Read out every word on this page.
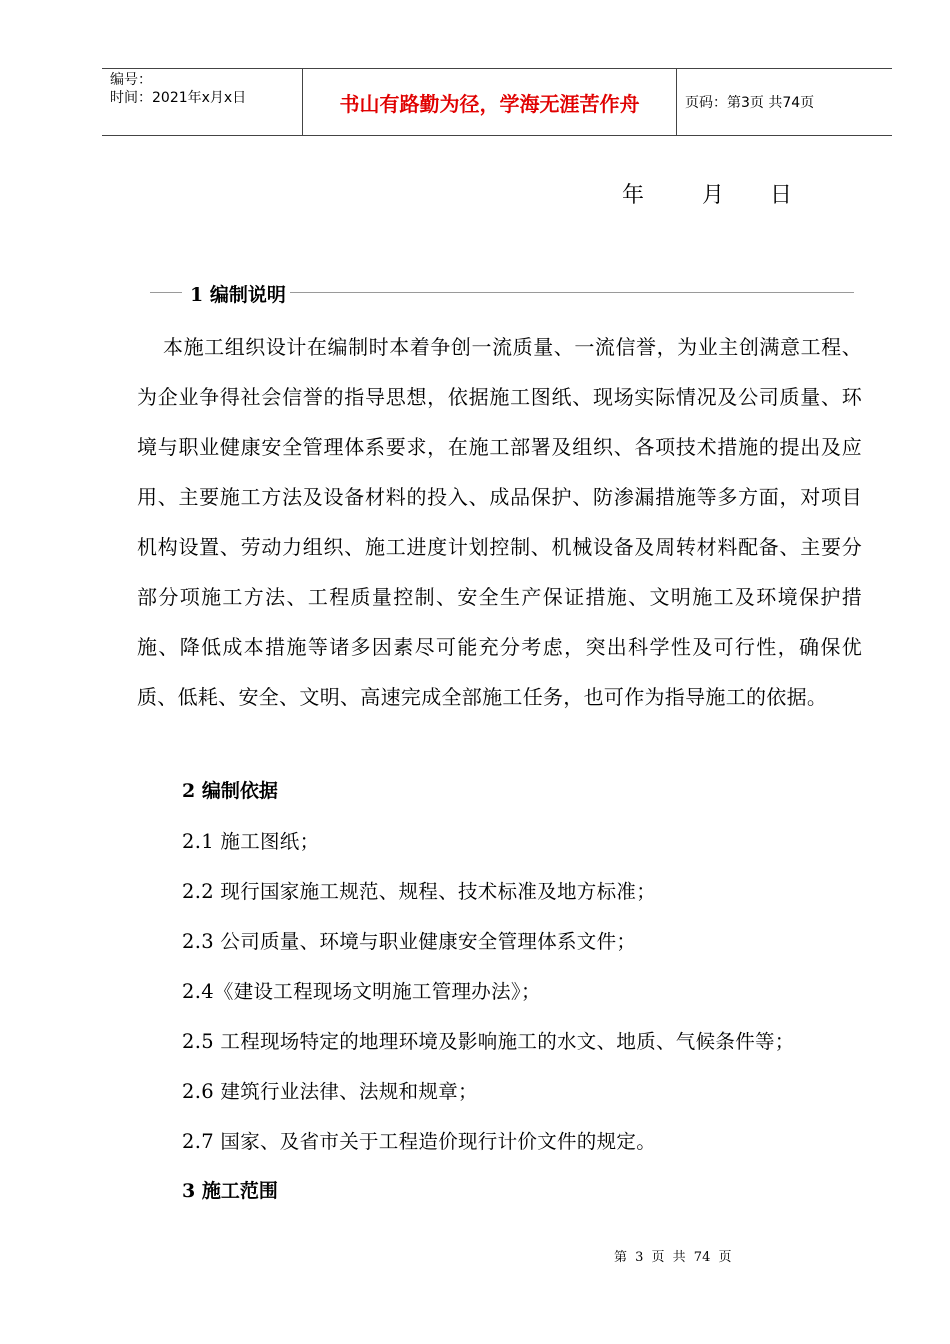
编号：
时间：2021年x月x日	书山有路勤为径，学海无涯苦作舟	页码：第3页 共74页
年	月	日
1 编制说明
本施工组织设计在编制时本着争创一流质量、一流信誉，为业主创满意工程、为企业争得社会信誉的指导思想，依据施工图纸、现场实际情况及公司质量、环境与职业健康安全管理体系要求，在施工部署及组织、各项技术措施的提出及应用、主要施工方法及设备材料的投入、成品保护、防渗漏措施等多方面，对项目机构设置、劳动力组织、施工进度计划控制、机械设备及周转材料配备、主要分部分项施工方法、工程质量控制、安全生产保证措施、文明施工及环境保护措施、降低成本措施等诸多因素尽可能充分考虑，突出科学性及可行性，确保优质、低耗、安全、文明、高速完成全部施工任务，也可作为指导施工的依据。
2 编制依据
2.1 施工图纸；
2.2 现行国家施工规范、规程、技术标准及地方标准；
2.3 公司质量、环境与职业健康安全管理体系文件；
2.4《建设工程现场文明施工管理办法》；
2.5 工程现场特定的地理环境及影响施工的水文、地质、气候条件等；
2.6 建筑行业法律、法规和规章；
2.7 国家、及省市关于工程造价现行计价文件的规定。
3 施工范围
第 3 页 共 74 页
